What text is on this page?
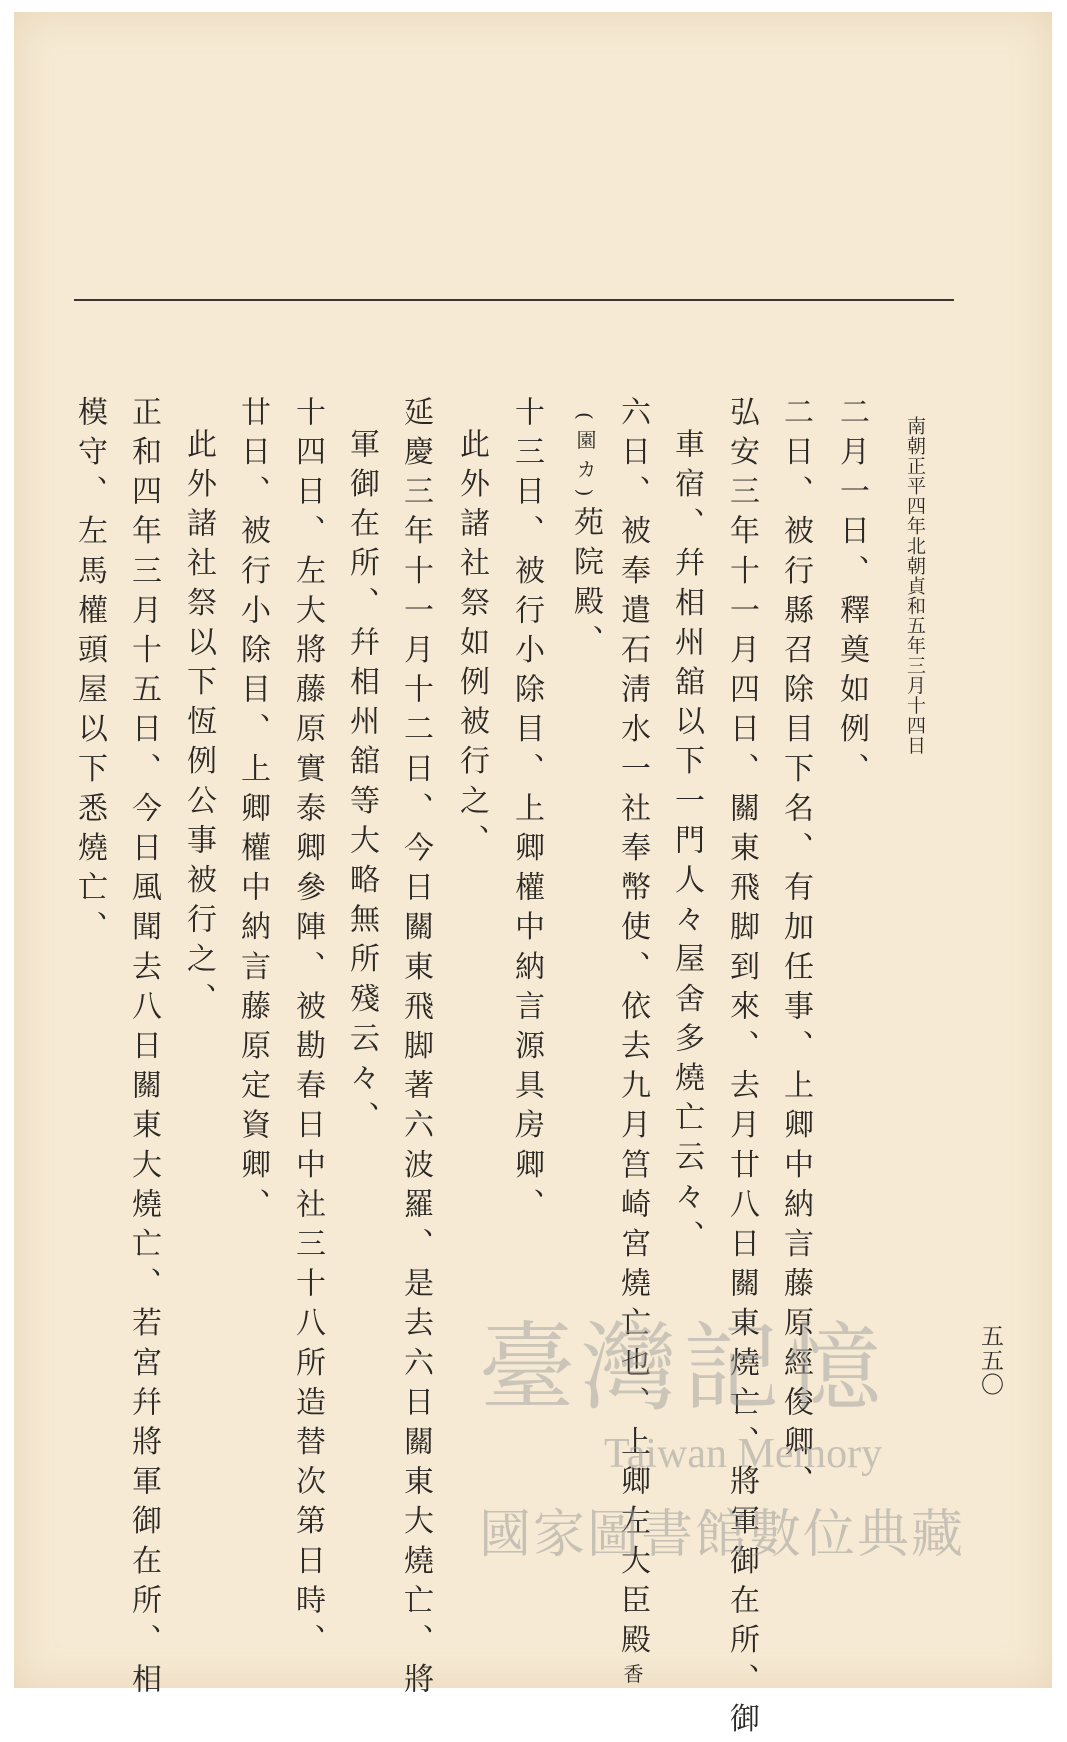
南朝正平四年北朝貞和五年三月十四日
五五〇
二月一日、釋奠如例、
二日、被行縣召除目下名、有加任事、上卿中納言藤原經俊卿、
弘安三年十一月四日、關東飛脚到來、去月廿八日關東燒亡、將軍御在所、御
車宿、幷相州舘以下一門人々屋舍多燒亡云々、
六日、被奉遣石淸水一社奉幣使、依去九月筥崎宮燒亡也、上卿左大臣殿香
(園カ)苑院殿、
十三日、被行小除目、上卿權中納言源具房卿、
此外諸社祭如例被行之、
延慶三年十一月十二日、今日關東飛脚著六波羅、是去六日關東大燒亡、將
軍御在所、幷相州舘等大略無所殘云々、
十四日、左大將藤原實泰卿參陣、被勘春日中社三十八所造替次第日時、
廿日、被行小除目、上卿權中納言藤原定資卿、
此外諸社祭以下恆例公事被行之、
正和四年三月十五日、今日風聞去八日關東大燒亡、若宮幷將軍御在所、相
模守、左馬權頭屋以下悉燒亡、
臺灣記憶
Taiwan Memory
國家圖書館數位典藏
